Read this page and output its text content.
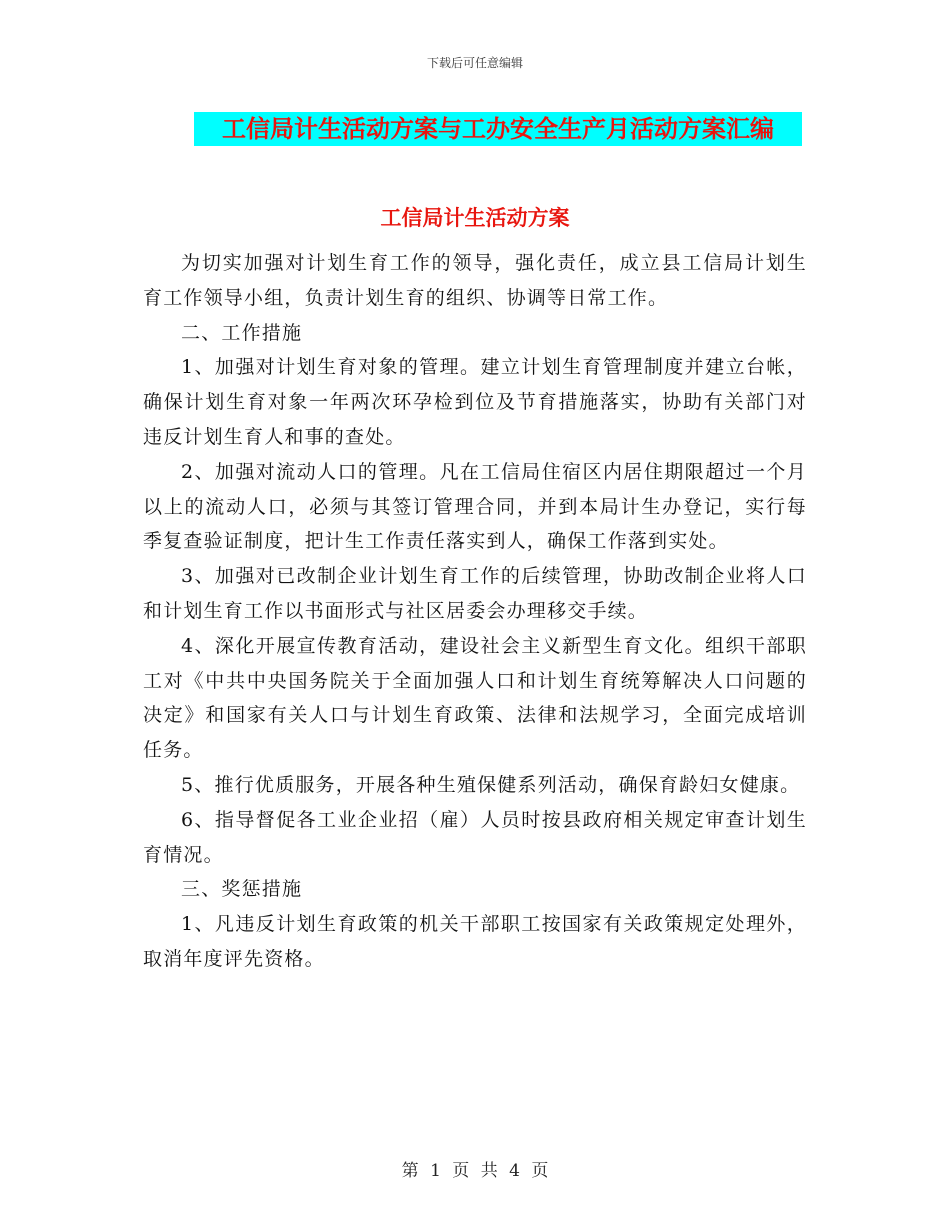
下载后可任意编辑
工信局计生活动方案与工办安全生产月活动方案汇编
工信局计生活动方案

为切实加强对计划生育工作的领导，强化责任，成立县工信局计划生育工作领导小组，负责计划生育的组织、协调等日常工作。

二、工作措施

1、加强对计划生育对象的管理。建立计划生育管理制度并建立台帐，确保计划生育对象一年两次环孕检到位及节育措施落实，协助有关部门对违反计划生育人和事的查处。

2、加强对流动人口的管理。凡在工信局住宿区内居住期限超过一个月以上的流动人口，必须与其签订管理合同，并到本局计生办登记，实行每季复查验证制度，把计生工作责任落实到人，确保工作落到实处。

3、加强对已改制企业计划生育工作的后续管理，协助改制企业将人口和计划生育工作以书面形式与社区居委会办理移交手续。

4、深化开展宣传教育活动，建设社会主义新型生育文化。组织干部职工对《中共中央国务院关于全面加强人口和计划生育统筹解决人口问题的决定》和国家有关人口与计划生育政策、法律和法规学习，全面完成培训任务。

5、推行优质服务，开展各种生殖保健系列活动，确保育龄妇女健康。

6、指导督促各工业企业招（雇）人员时按县政府相关规定审查计划生育情况。

三、奖惩措施

1、凡违反计划生育政策的机关干部职工按国家有关政策规定处理外，取消年度评先资格。

第 1 页 共 4 页
